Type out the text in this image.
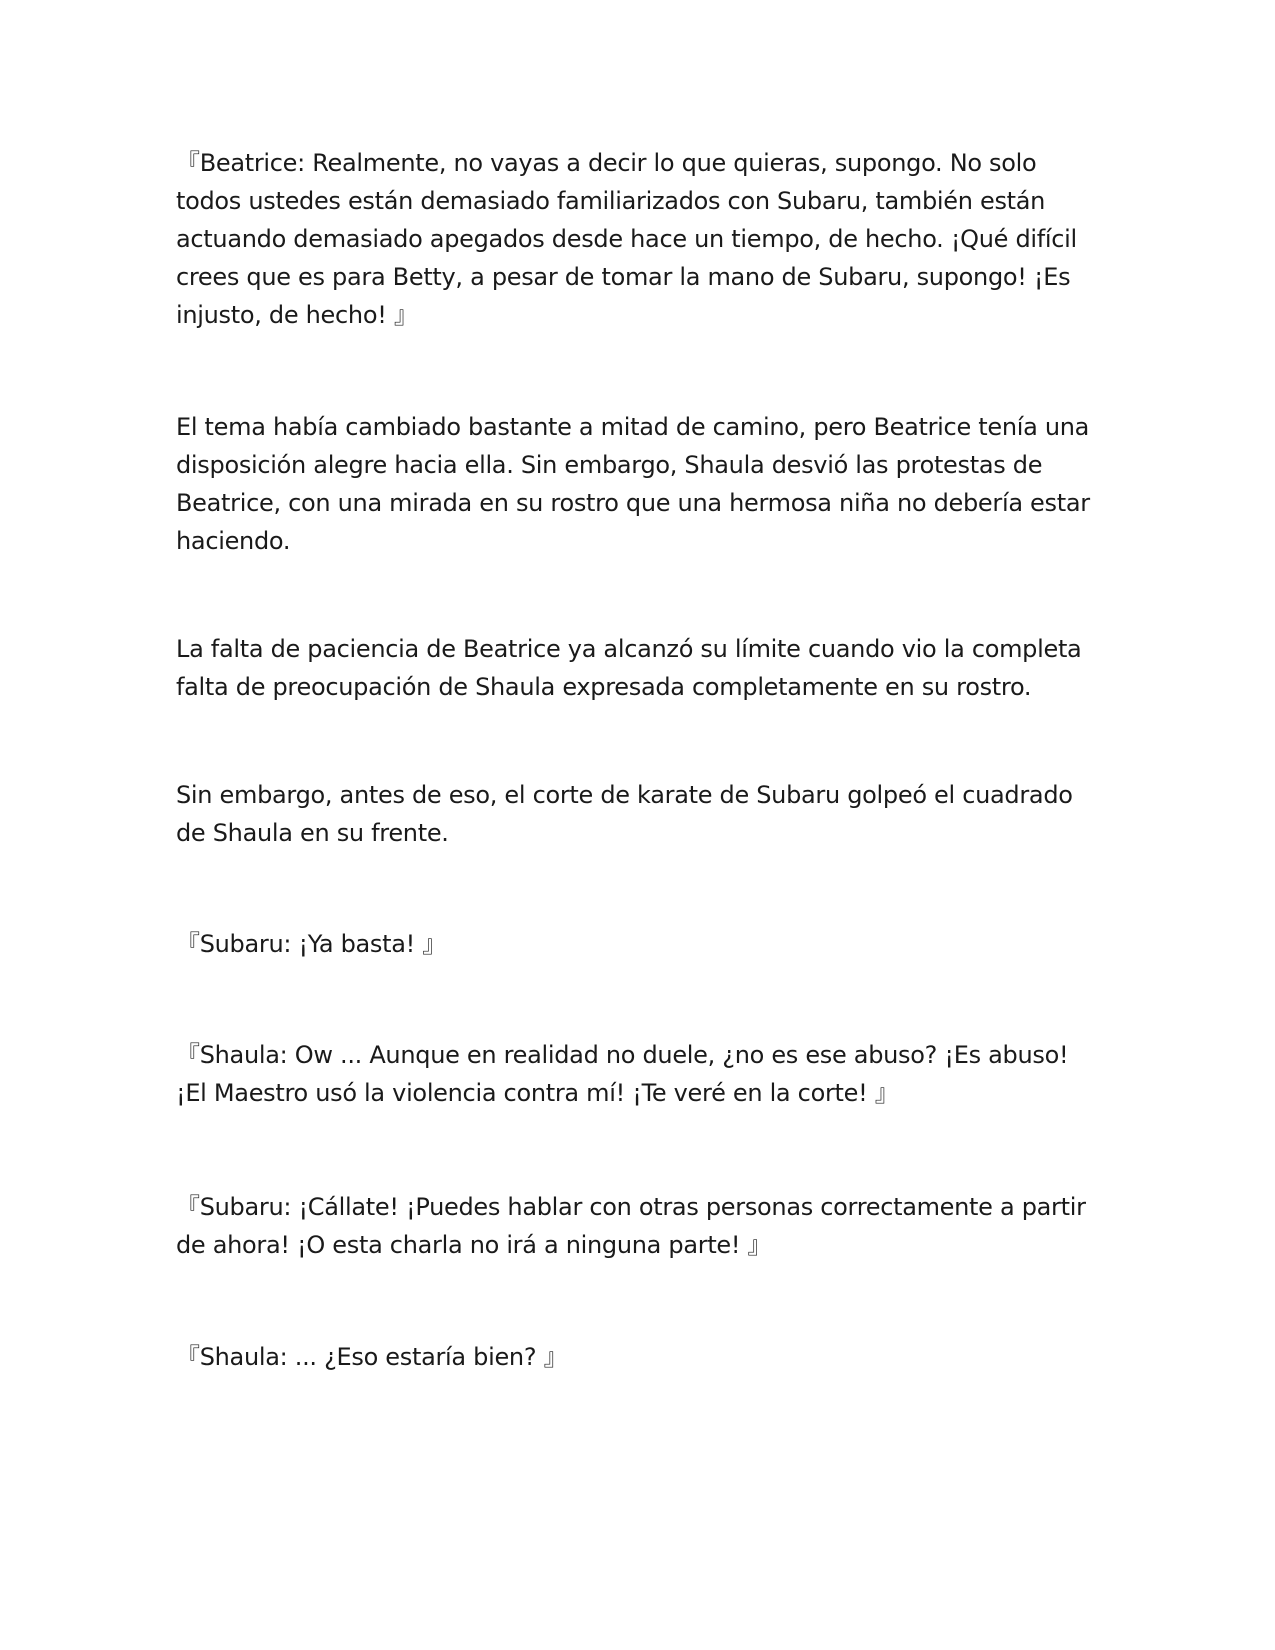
『Beatrice: Realmente, no vayas a decir lo que quieras, supongo. No solo
todos ustedes están demasiado familiarizados con Subaru, también están
actuando demasiado apegados desde hace un tiempo, de hecho. ¡Qué difícil
crees que es para Betty, a pesar de tomar la mano de Subaru, supongo! ¡Es
injusto, de hecho! 』

El tema había cambiado bastante a mitad de camino, pero Beatrice tenía una
disposición alegre hacia ella. Sin embargo, Shaula desvió las protestas de
Beatrice, con una mirada en su rostro que una hermosa niña no debería estar
haciendo.

La falta de paciencia de Beatrice ya alcanzó su límite cuando vio la completa
falta de preocupación de Shaula expresada completamente en su rostro.

Sin embargo, antes de eso, el corte de karate de Subaru golpeó el cuadrado
de Shaula en su frente.

『Subaru: ¡Ya basta! 』

『Shaula: Ow ... Aunque en realidad no duele, ¿no es ese abuso? ¡Es abuso!
¡El Maestro usó la violencia contra mí! ¡Te veré en la corte! 』

『Subaru: ¡Cállate! ¡Puedes hablar con otras personas correctamente a partir
de ahora! ¡O esta charla no irá a ninguna parte! 』

『Shaula: ... ¿Eso estaría bien? 』
